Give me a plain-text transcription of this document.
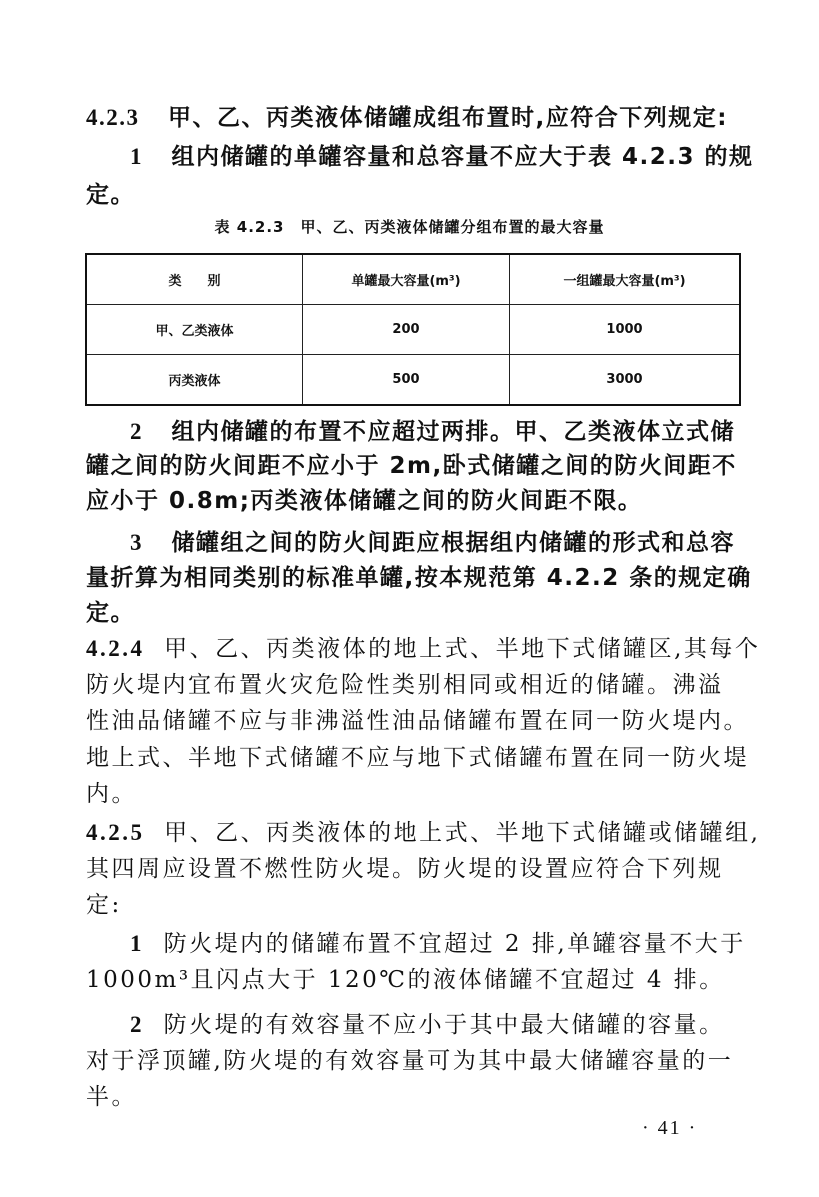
4.2.3 甲、乙、丙类液体储罐成组布置时,应符合下列规定:
1 组内储罐的单罐容量和总容量不应大于表 4.2.3 的规
定。
表 4.2.3　甲、乙、丙类液体储罐分组布置的最大容量
类　　别	单罐最大容量(m³)	一组罐最大容量(m³)
甲、乙类液体	200	1000
丙类液体	500	3000
2 组内储罐的布置不应超过两排。甲、乙类液体立式储
罐之间的防火间距不应小于 2m,卧式储罐之间的防火间距不
应小于 0.8m;丙类液体储罐之间的防火间距不限。
3 储罐组之间的防火间距应根据组内储罐的形式和总容
量折算为相同类别的标准单罐,按本规范第 4.2.2 条的规定确
定。
4.2.4 甲、乙、丙类液体的地上式、半地下式储罐区,其每个
防火堤内宜布置火灾危险性类别相同或相近的储罐。沸溢
性油品储罐不应与非沸溢性油品储罐布置在同一防火堤内。
地上式、半地下式储罐不应与地下式储罐布置在同一防火堤
内。
4.2.5 甲、乙、丙类液体的地上式、半地下式储罐或储罐组,
其四周应设置不燃性防火堤。防火堤的设置应符合下列规
定:
1 防火堤内的储罐布置不宜超过 2 排,单罐容量不大于
1000m³且闪点大于 120℃的液体储罐不宜超过 4 排。
2 防火堤的有效容量不应小于其中最大储罐的容量。
对于浮顶罐,防火堤的有效容量可为其中最大储罐容量的一
半。
· 41 ·
